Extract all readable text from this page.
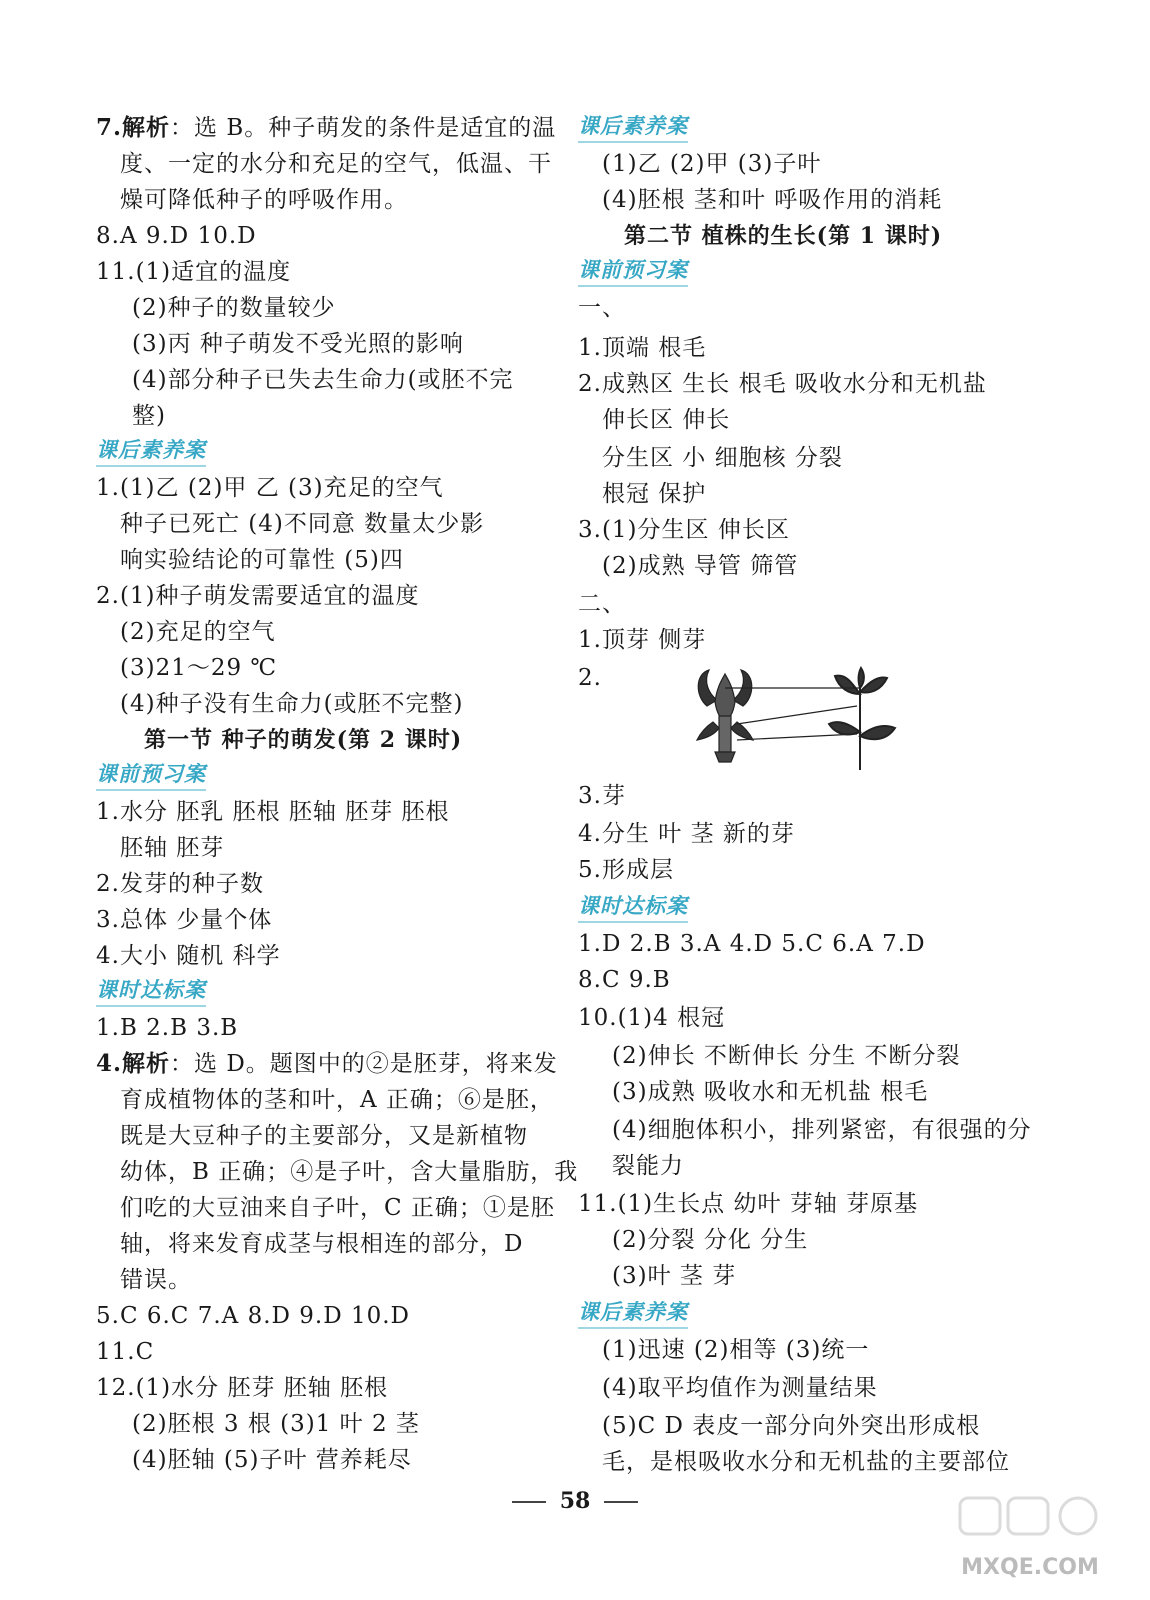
7.解析：选 B。种子萌发的条件是适宜的温
度、一定的水分和充足的空气，低温、干
燥可降低种子的呼吸作用。
8.A 9.D 10.D
11.(1)适宜的温度
(2)种子的数量较少
(3)丙 种子萌发不受光照的影响
(4)部分种子已失去生命力(或胚不完
整)
课后素养案
1.(1)乙 (2)甲 乙 (3)充足的空气
种子已死亡 (4)不同意 数量太少影
响实验结论的可靠性 (5)四
2.(1)种子萌发需要适宜的温度
(2)充足的空气
(3)21～29 ℃
(4)种子没有生命力(或胚不完整)
第一节 种子的萌发(第 2 课时)
课前预习案
1.水分 胚乳 胚根 胚轴 胚芽 胚根
胚轴 胚芽
2.发芽的种子数
3.总体 少量个体
4.大小 随机 科学
课时达标案
1.B 2.B 3.B
4.解析：选 D。题图中的②是胚芽，将来发
育成植物体的茎和叶，A 正确；⑥是胚，
既是大豆种子的主要部分，又是新植物
幼体，B 正确；④是子叶，含大量脂肪，我
们吃的大豆油来自子叶，C 正确；①是胚
轴，将来发育成茎与根相连的部分，D
错误。
5.C 6.C 7.A 8.D 9.D 10.D
11.C
12.(1)水分 胚芽 胚轴 胚根
(2)胚根 3 根 (3)1 叶 2 茎
(4)胚轴 (5)子叶 营养耗尽
课后素养案
(1)乙 (2)甲 (3)子叶
(4)胚根 茎和叶 呼吸作用的消耗
第二节 植株的生长(第 1 课时)
课前预习案
一、
1.顶端 根毛
2.成熟区 生长 根毛 吸收水分和无机盐
伸长区 伸长
分生区 小 细胞核 分裂
根冠 保护
3.(1)分生区 伸长区
(2)成熟 导管 筛管
二、
1.顶芽 侧芽
2.
3.芽
4.分生 叶 茎 新的芽
5.形成层
课时达标案
1.D 2.B 3.A 4.D 5.C 6.A 7.D
8.C 9.B
10.(1)4 根冠
(2)伸长 不断伸长 分生 不断分裂
(3)成熟 吸收水和无机盐 根毛
(4)细胞体积小，排列紧密，有很强的分
裂能力
11.(1)生长点 幼叶 芽轴 芽原基
(2)分裂 分化 分生
(3)叶 茎 芽
课后素养案
(1)迅速 (2)相等 (3)统一
(4)取平均值作为测量结果
(5)C D 表皮一部分向外突出形成根
毛，是根吸收水分和无机盐的主要部位
58
MXQE.COM
